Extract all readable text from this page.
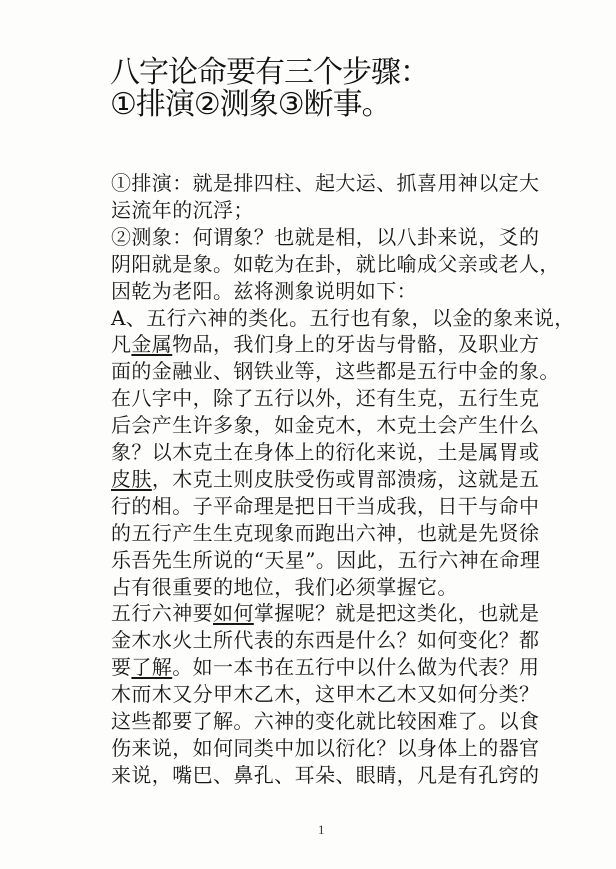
八字论命要有三个步骤：
①排演②测象③断事。
①排演：就是排四柱、起大运、抓喜用神以定大
运流年的沉浮；
②测象：何谓象？也就是相，以八卦来说，爻的
阴阳就是象。如乾为在卦，就比喻成父亲或老人，
因乾为老阳。兹将测象说明如下：
A、五行六神的类化。五行也有象，以金的象来说，
凡金属物品，我们身上的牙齿与骨骼，及职业方
面的金融业、钢铁业等，这些都是五行中金的象。
在八字中，除了五行以外，还有生克，五行生克
后会产生许多象，如金克木，木克土会产生什么
象？以木克土在身体上的衍化来说，土是属胃或
皮肤，木克土则皮肤受伤或胃部溃疡，这就是五
行的相。子平命理是把日干当成我，日干与命中
的五行产生生克现象而跑出六神，也就是先贤徐
乐吾先生所说的“天星”。因此，五行六神在命理
占有很重要的地位，我们必须掌握它。
五行六神要如何掌握呢？就是把这类化，也就是
金木水火土所代表的东西是什么？如何变化？都
要了解。如一本书在五行中以什么做为代表？用
木而木又分甲木乙木，这甲木乙木又如何分类？
这些都要了解。六神的变化就比较困难了。以食
伤来说，如何同类中加以衍化？以身体上的器官
来说，嘴巴、鼻孔、耳朵、眼睛，凡是有孔窍的
1
